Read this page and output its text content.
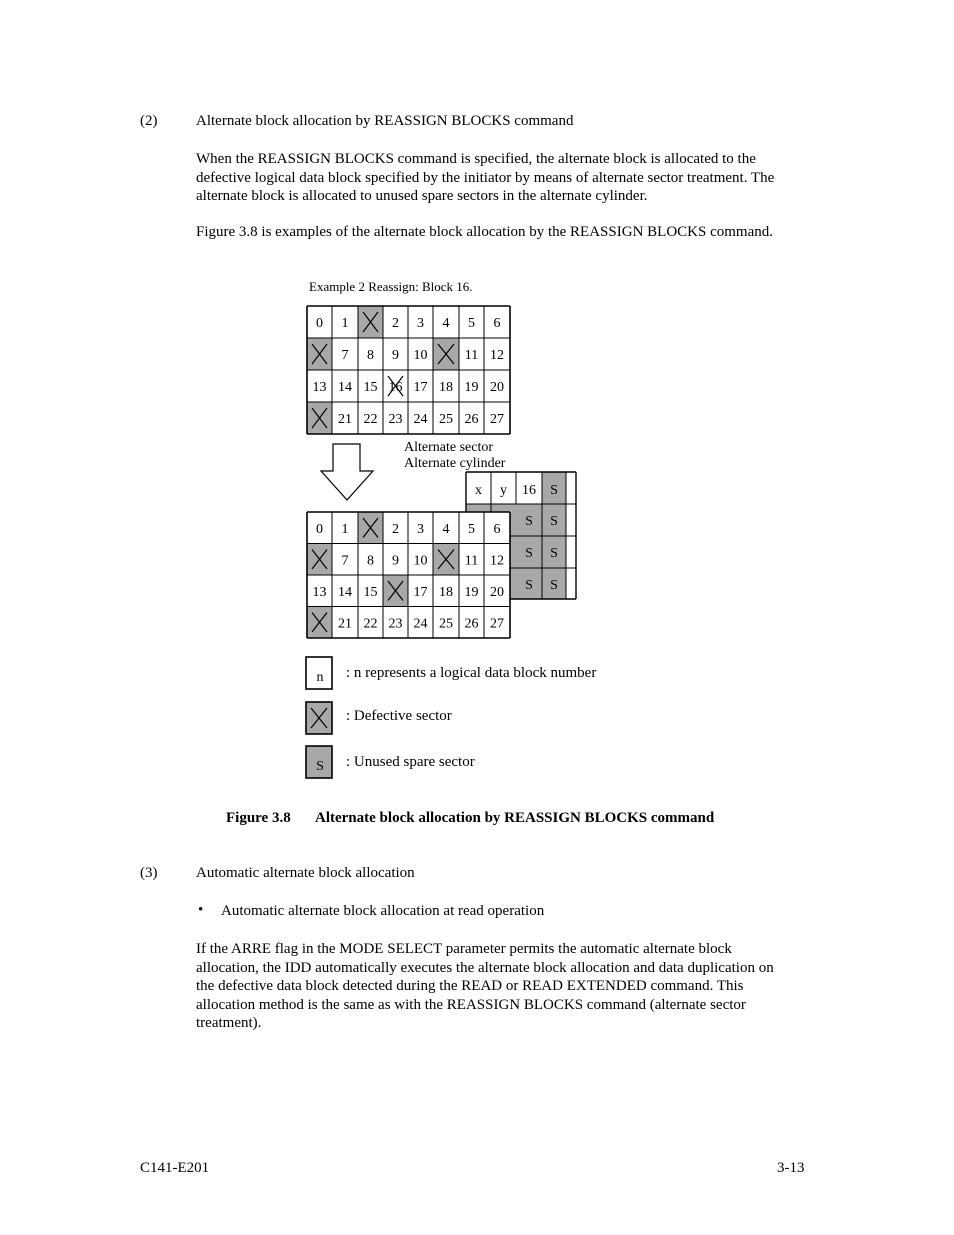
(2)	Alternate block allocation by REASSIGN BLOCKS command
When the REASSIGN BLOCKS command is specified, the alternate block is allocated to the
defective logical data block specified by the initiator by means of alternate sector treatment. The
alternate block is allocated to unused spare sectors in the alternate cylinder.
Figure 3.8 is examples of the alternate block allocation by the REASSIGN BLOCKS command.
Example 2 Reassign: Block 16.
0 1	2 3 4 5 6
7 8 9 10	11 12
13 14 15 16 17 18 19 20
21 22 23 24 25 26 27
Alternate sector
Alternate cylinder
x y 16 S
S S
S S
S S
0 1	2 3 4 5 6
7 8 9 10	11 12
13 14 15	17 18 19 20
21 22 23 24 25 26 27
n : n represents a logical data block number
: Defective sector
S : Unused spare sector
Figure 3.8 Alternate block allocation by REASSIGN BLOCKS command
(3)	Automatic alternate block allocation
• Automatic alternate block allocation at read operation
If the ARRE flag in the MODE SELECT parameter permits the automatic alternate block
allocation, the IDD automatically executes the alternate block allocation and data duplication on
the defective data block detected during the READ or READ EXTENDED command. This
allocation method is the same as with the REASSIGN BLOCKS command (alternate sector
treatment).
C141-E201	3-13
